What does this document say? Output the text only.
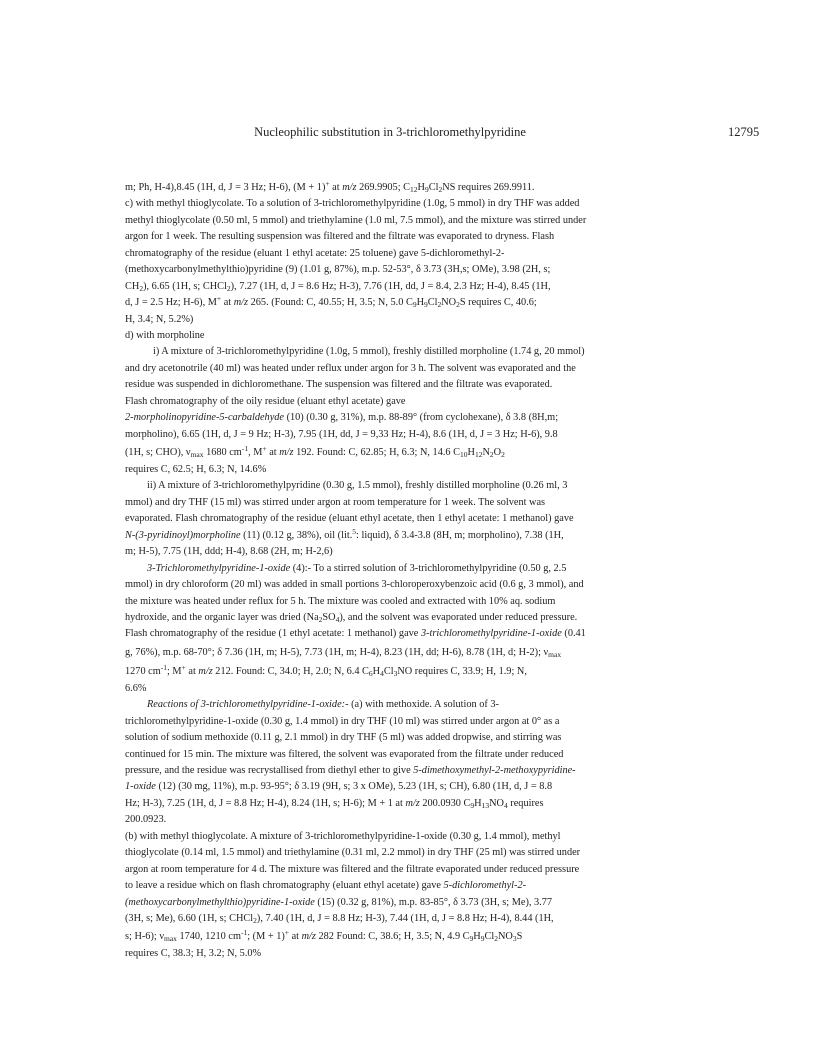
Nucleophilic substitution in 3-trichloromethylpyridine	12795
m; Ph, H-4),8.45 (1H, d, J = 3 Hz; H-6), (M + 1)+ at m/z 269.9905; $C_{12}H_9Cl_2NS$ requires 269.9911.
c) with methyl thioglycolate. To a solution of 3-trichloromethylpyridine (1.0g, 5 mmol) in dry THF was added
methyl thioglycolate (0.50 ml, 5 mmol) and triethylamine (1.0 ml, 7.5 mmol), and the mixture was stirred under
argon for 1 week. The resulting suspension was filtered and the filtrate was evaporated to dryness. Flash
chromatography of the residue (eluant 1 ethyl acetate: 25 toluene) gave 5-dichloromethyl-2-
(methoxycarbonylmethylthio)pyridine (9) (1.01 g, 87%), m.p. 52-53°, δ 3.73 (3H,s; OMe), 3.98 (2H, s;
$CH_2$), 6.65 (1H, s; CHCl$_2$), 7.27 (1H, d, J = 8.6 Hz; H-3), 7.76 (1H, dd, J = 8.4, 2.3 Hz; H-4), 8.45 (1H,
d, J = 2.5 Hz; H-6), M+ at m/z 265. (Found: C, 40.55; H, 3.5; N, 5.0 $C_9H_9Cl_2NO_2S$ requires C, 40.6;
H, 3.4; N, 5.2%)
d) with morpholine
i) A mixture of 3-trichloromethylpyridine (1.0g, 5 mmol), freshly distilled morpholine (1.74 g, 20 mmol)
and dry acetonotrile (40 ml) was heated under reflux under argon for 3 h. The solvent was evaporated and the
residue was suspended in dichloromethane. The suspension was filtered and the filtrate was evaporated.
Flash chromatography of the oily residue (eluant ethyl acetate) gave
2-morpholinopyridine-5-carbaldehyde (10) (0.30 g, 31%), m.p. 88-89° (from cyclohexane), δ 3.8 (8H,m;
morpholino), 6.65 (1H, d, J = 9 Hz; H-3), 7.95 (1H, dd, J = 9,33 Hz; H-4), 8.6 (1H, d, J = 3 Hz; H-6), 9.8
(1H, s; CHO), $\nu_{max}$ 1680 $cm^{-1}$, M+ at m/z 192. Found: C, 62.85; H, 6.3; N, 14.6 $C_{10}H_{12}N_2O_2$
requires C, 62.5; H, 6.3; N, 14.6%
ii) A mixture of 3-trichloromethylpyridine (0.30 g, 1.5 mmol), freshly distilled morpholine (0.26 ml, 3
mmol) and dry THF (15 ml) was stirred under argon at room temperature for 1 week. The solvent was
evaporated. Flash chromatography of the residue (eluant ethyl acetate, then 1 ethyl acetate: 1 methanol) gave
N-(3-pyridinoyl)morpholine (11) (0.12 g, 38%), oil (lit.$^5$: liquid), δ 3.4-3.8 (8H, m; morpholino), 7.38 (1H,
m; H-5), 7.75 (1H, ddd; H-4), 8.68 (2H, m; H-2,6)
3-Trichloromethylpyridine-1-oxide (4):- To a stirred solution of 3-trichloromethylpyridine (0.50 g, 2.5
mmol) in dry chloroform (20 ml) was added in small portions 3-chloroperoxybenzoic acid (0.6 g, 3 mmol), and
the mixture was heated under reflux for 5 h. The mixture was cooled and extracted with 10% aq. sodium
hydroxide, and the organic layer was dried $(Na_2SO_4)$, and the solvent was evaporated under reduced pressure.
Flash chromatography of the residue (1 ethyl acetate: 1 methanol) gave 3-trichloromethylpyridine-1-oxide (0.41
g, 76%), m.p. 68-70°; δ 7.36 (1H, m; H-5), 7.73 (1H, m; H-4), 8.23 (1H, dd; H-6), 8.78 (1H, d; H-2); $\nu_{max}$
1270 $cm^{-1}$; M+ at m/z 212. Found: C, 34.0; H, 2.0; N, 6.4 $C_6H_4Cl_3NO$ requires C, 33.9; H, 1.9; N,
6.6%
Reactions of 3-trichloromethylpyridine-1-oxide:- (a) with methoxide. A solution of 3-
trichloromethylpyridine-1-oxide (0.30 g, 1.4 mmol) in dry THF (10 ml) was stirred under argon at 0° as a
solution of sodium methoxide (0.11 g, 2.1 mmol) in dry THF (5 ml) was added dropwise, and stirring was
continued for 15 min. The mixture was filtered, the solvent was evaporated from the filtrate under reduced
pressure, and the residue was recrystallised from diethyl ether to give 5-dimethoxymethyl-2-methoxypyridine-
1-oxide (12) (30 mg, 11%), m.p. 93-95°; δ 3.19 (9H, s; 3 x OMe), 5.23 (1H, s; CH), 6.80 (1H, d, J = 8.8
Hz; H-3), 7.25 (1H, d, J = 8.8 Hz; H-4), 8.24 (1H, s; H-6); M + 1 at m/z 200.0930 $C_9H_{13}NO_4$ requires
200.0923.
(b) with methyl thioglycolate. A mixture of 3-trichloromethylpyridine-1-oxide (0.30 g, 1.4 mmol), methyl
thioglycolate (0.14 ml, 1.5 mmol) and triethylamine (0.31 ml, 2.2 mmol) in dry THF (25 ml) was stirred under
argon at room temperature for 4 d. The mixture was filtered and the filtrate evaporated under reduced pressure
to leave a residue which on flash chromatography (eluant ethyl acetate) gave 5-dichloromethyl-2-
(methoxycarbonylmethylthio)pyridine-1-oxide (15) (0.32 g, 81%), m.p. 83-85°, δ 3.73 (3H, s; Me), 3.77
(3H, s; Me), 6.60 (1H, s; CHCl$_2$), 7.40 (1H, d, J = 8.8 Hz; H-3), 7.44 (1H, d, J = 8.8 Hz; H-4), 8.44 (1H,
s; H-6); $\nu_{max}$ 1740, 1210 $cm^{-1}$; (M + 1)+ at m/z 282 Found: C, 38.6; H, 3.5; N, 4.9 $C_9H_9Cl_2NO_3S$
requires C, 38.3; H, 3.2; N, 5.0%
